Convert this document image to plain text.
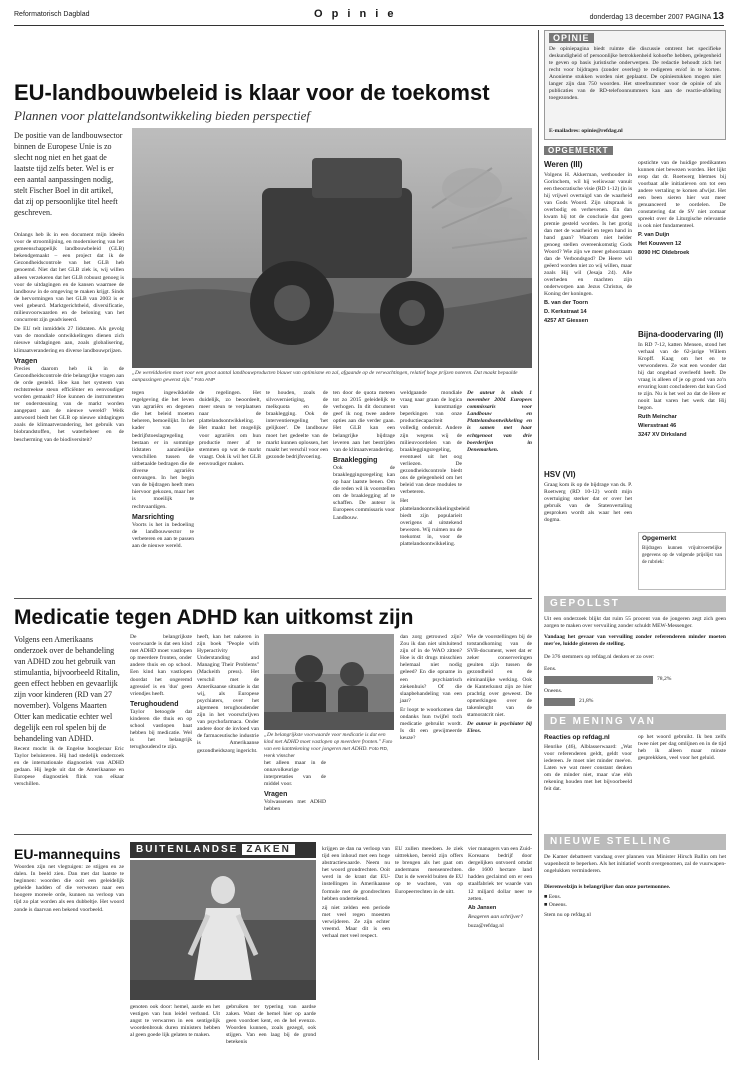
Reformatorisch Dagblad	O p i n i e	donderdag 13 december 2007 PAGINA 13
EU-landbouwbeleid is klaar voor de toekomst
Plannen voor plattelandsontwikkeling bieden perspectief
De positie van de landbouwsector binnen de Europese Unie is zo slecht nog niet en het gaat de laatste tijd zelfs beter. Wel is er een aantal aanpassingen nodig, stelt Fischer Boel in dit artikel, dat zij op persoonlijke titel heeft geschreven.

Onlangs heb ik in een document mijn ideeën voor de stroomlijning, en modernisering van het gemeenschappelijk landbouwbeleid (GLB) bekendgemaakt – een project dat ik de Gezondheidscontrole van het GLB heb genoemd. Niet dat het GLB ziek is, wij willen alleen verzekeren dat het GLB robuust genoeg is voor de uitdagingen en de kansen waarmee de landbouw in de omgeving te maken krijgt. Sinds de hervormingen van het GLB van 2003 is er veel gebeurd. Marktgerichtheid, diversificatie, milieuvoorwaarden en de beloning van het concurrent zijn geadviseerd.

De EU telt inmiddels 27 lidstaten. Als gevolg van de mondiale ontwikkelingen dienen zich nieuwe uitdagingen aan, zoals globalisering, klimaatverandering en diverse landbouwprijzen.

Vragen

Precies daarom heb ik in de Gezondheidscontrole drie belangrijke vragen aan de orde gesteld. Hoe kan het systeem van rechtstreekse steun efficiënter en eenvoudiger worden gemaakt? Hoe kunnen de instrumenten ter ondersteuning van de markt worden aangepast aan de nieuwe wereld? Welk antwoord biedt het GLB op nieuwe uitdagingen zoals de klimaatverandering, het gebruik van biobrandstoffen, het waterbeheer en de bescherming van de biodiversiteit?

„De werelddoelen moet voor een groot aantal landbouwproducten blauwt van optimisme en zal, afgaande op de verwachtingen, relatief hoge prijzen noteren. Dat maakt bepaalde aanpassingen gewenst zijn." Foto ANP

tegen ingewikkelde regelgeving die het leven van agrariërs en degenen die het beleid moeten beheren, bemoeilijkt. In het kader van de bedrijfstoeslagregeling bestaan er in sommige lidstaten aanzienlijke verschillen tussen de uitbetaalde bedragen die de diverse agrariërs ontvangen. In het begin van de bijdragen heeft men hiervoor gekozen, maar het is moeilijk te rechtvaardigen.

Marsrichting

Voorts is het in bedoeling de landbouwsector te verbeteren en aan te passen aan de nieuwe wereld.

de regelingen. Het duidelijk, zo beoordeelt, meer steun te verplaatsen naar de plattelandsontwikkeling. Het maakt het mogelijk voor agrariërs om hun productie meer af te stemmen op wat de markt vraagt. Ook ik wil het GLB eenvoudiger maken.

te houden, zoals de silvovernietiging, de melkquota en de braaklegging. Ook de interventieregeling 'het gelijkoer'. De landbouw moet het gedeelte van de markt kunnen oplossen, het maakt het verschil voor een gezonde bedrijfsvoering.

ten door de quota meteen tot zo 2015 geleidelijk te verhogen. In dit document geef ik nog twee andere opties aan die verder gaan. Het GLB kan een belangrijke bijdrage leveren aan het bestrijden van de klimaatverandering.

Braaklegging

Ook de braakleggingsregeling kan op haar laatste benen. Om die reden wil ik voorstellen om de braaklegging af te schaffen. De auteur is Europees commissaris voor Landbouw.

weldgaande mondiale vraag naar graan de logica van kunstmatige beperkingen van onze productiecapaciteit volledig onderuit. Andere zijn wegens wij de milieuvoordelen van de braakleggingsregeling, eventueel uit het oog verliezen. De gezondheidscontrole biedt ons de gelegenheid om het beleid van deze modules te verbeteren.

Het plattelandsontwikkelingsbeleid biedt zijn popularieit overigens al uitstekend bewezen. Wij ruimen nu de toekomst in, voor de plattelandsontwikkeling.

De auteur is sinds 1 november 2004 Europees commissaris voor Landbouw en Plattelandsontwikkeling en is samen met haar echtgenoot van drie boerderijen in Denemarken.

Medicatie tegen ADHD kan uitkomst zijn
Volgens een Amerikaans onderzoek over de behandeling van ADHD zou het gebruik van stimulantia, bijvoorbeeld Ritalin, geen effect hebben en gevaarlijk zijn voor kinderen (RD van 27 november). Volgens Maarten Otter kan medicatie echter wel degelijk een rol spelen bij de behandeling van ADHD.

Recent mocht ik de Engelse hoogleraar Eric Taylor beluisteren. Hij had stedelijk onderzoek en de internationale diagnostiek van ADHD gedaan. Hij legde uit dat de Amerikaanse en Europese diagnostiek flink van elkaar verschillen.

De belangrijkste voorwaarde is dat een kind met ADHD moet vastlopen op meerdere fronten, onder andere thuis en op school. Een kind kan vastlopen doordat het ongeremd agressief is en 'dus' geen vriendjes heeft.

Terughoudend

Taylor betoogde dat kinderen die thuis en op school vastlopen baat hebben bij medicatie. Wel is het belangrijk terughoudend te zijn.

heeft, kan het nakeren in zijn boek "People with Hyperactivity Understanding and Managing Their Problems" (Mackeith press). Het verschil met de Amerikaanse situatie is dat wij, als Europese psychiaters, over het algemeen terughoudender zijn in het voorschrijven van psychofarmaca. Onder andere door de invloed van de farmaceutische industrie is Amerikaanse gezondheidszorg ingericht.

„De belangrijkste voorwaarde voor medicatie is dat een kind met ADHD moet vastlopen op meerdere fronten." Foto van een kanttekening voor jongeren met ADHD. Foto RD, Henk Visscher

het alleen maar in de onnavolkeurige interpretaties van de middel voor.

Vragen

Volwassenen met ADHD hebben

dan zorg getrouwd zijn? Zou ik dan niet uitsluitend zijn of in de WAO zitten? Hoe is dit drugs misschien helemaal niet nodig geleed? En die opname in een psychiatrisch ziekenhuis? Of die slaapbehandeling van een jaar?

Er loopt te woorkomen dat ondanks hun twijfel toch medicatie gebruikt wordt. Is dit een gewijmeerde keuze?

Wie de voorstellingen bij de totstandkoming van de SVB-document, weet dat er zeker conserveringen geuiten zijn tussen de gezondheid en de eiminanlijke werking. Ook de Kanterkunst zijn ze hier prachtig over geweest. De opmerkingen over de takenlenght van de stamoratcrit niet.

De auteur is psychiater bij Eleos.

EU-mannequins	BUITENLANDSE ZAKEN

Woorden zijn net vlegtuigen: ze stijgen en ze dalen. In beeld zien. Dan met dat laatste te beginnen: woorden die ooit een geleidelijk gehelde hadden of die verwezen naar een hoogere moreele orde, kunnen na verloop van tijd zo plat worden als een dubbeltje. Het woord zonde is daarvan een bekend voorbeeld.

genoten ook door: hemel, aarde en het vestigen van hun leidel verband. Uit angst te verwarren in een sentigelijk woordenbrouk duren ministers hebben al geen goede lijk gelaten te maken.

gebruiken ter typering van aardse zaken. Want de hemel hier op aarde geen voordoet kent, en de hel evenzo. Woorden kunnen, zoals gezegd, ook stijgen. Van een laag bij de grond betekenis

krijgen ze dan na verloop van tijd een inhoud met een hoge abstractiewaarde. Neem nu het woord grondrechten. Ooit werd in de krant dat EU-instellingen in Amerikaanse formule met de grondrechten hebben ondertekend.

zij niet zelden een periode met veel regen moesten verwijderen. Ze zijn echter vreemd. Maar dit is een verhaal met veel respect.

EU zullen meedoen. Je ziek uittrekken, bereid zijn offers te brengen als het gaat om andermans mensenrechten. Dat is de wereld buiten de EU op te wachten, van op Europeerrechten in de uitt.

vier managers van een Zuid-Koreaans bedrijf door dergelijken ontvoerd omdat die 1600 hectare land hadden geclaimd om er een staalfabriek ter waarde van 12 miljard dollar neer te zetten.

Ab Jansen

Reageren aan schrijver?

buza@refdag.nl

OPINIE
De opiniepagina biedt ruimte die discussie omtrent het specifieke deskundigheid of persoonlijke betrokkenheid kohoefte hebben, gelegenheid te geven op basis juristische onderwerpen. De redactie behoudt zich het recht voor bijdragen (zonder overleg) te redigeren en/of in te korten. Anonieme stukken worden niet geplaatst. De opiniestukken mogen niet langer zijn dan 750 woorden. Het streefnummer voor de opinie of als publicaties van de RD-telefoonnummers kan aan de reactie-afdeling toegezonden.
E-mailadres: opinie@refdag.nl
OPGEMERKT
Weren (III)

Volgens H. Akkerman, wethouder in Gorinchem, wil hij weliswaar vanuit een theocratische visie (RD 1-12) (in is hij vrijwel overtuigd van de waarheid van Gods Woord. Zijn uitspraak is overbodig en verhevenen. En dan kwam hij tot de conclusie dat geen premie gesteld worden. Is het grotig dan met de waarheid en tegen hand in hand gaan? Waarom niet helder genoeg stellen overeenkomstig Gods Woord? Wie zijn we meer gehoorzaam dan de Verbondsgod? De Heere wil geëerd worden niet zo wij willen, maar zoals Hij wil (Jesaja 24). Alle overheden en machten zijn onderworpen aan Jezus Christus, de Koning der koningen.

B. van der Toorn

D. Kerkstraat 14

4257 AT Giessen

HSV (VI)
Graag kom ik op de bijdrage van ds. P. Roetwerg (RD 10-12) wordt mijn overtuiging sterker dat er over het gebruik van de Statenvertaling gesproken wordt als waar het een dogma.

opstichte van de huidige predikanten kunnen niet bewezen worden. Het lijkt erop dat dr. Roetwerg bletmes bij voorbaat alle initiatieven om tot een andere vertaling te komen afwijst. Het een been sieren hier wat meer genuanceerd te oordelen. De constatering dat de SV niet zomaar spreekt over de Liturgische relevantie is ook niet fundamenteel.

P. van Duijn

Het Kouwven 12

8090 HC Oldebroek

Bijna-doodervaring (II)

In RD 7-12, katten Mensen, stond het verhaal van de 62-jarige Willem Kropff. Kaag om het en te verwonderen. Ze wat een wonder dat hij dat ongehad overleefd heeft. De vraag is alleen of je op grond van zo'n ervaring kunt concluderen dat kun God te zijn. Nu is het wel zo dat de Here er nooit laat varen het werk dat Hij begon.

Ruth Meinchar

Wiersstraat 46

3247 XV Dirksland

Opgemerkt
Bijdragen kunnen vrijuitvoertelijke gegevens op de volgende prijslijst van de rubriek:
GEPOLLST
Uit een onderzoek blijkt dat ruim 55 procent van de jongeren zegt zich geen zorgen te maken over vervuiling zonder schuldt MEW-Messenger.
Vandaag het gevaar van vervuiling zonder referenderen minder moeten mer'ee, luidde gisteren de stelling.
De 376 stemmers op refdag.nl denken er zo over:
Eens.
78,2%
Oneens.
21,8%
DE MENING VAN
Reacties op refdag.nl
Henrike (46), Alblasserwaard: „Wat voor referenderen geldt, geldt voor iedereen. Je moet niet minder mee'en. Laten we wat meer constant denken om de minder niet, maar u'ae ehh rekening houden met het bijvoorbeeld feit dat.
op het woord gebruikt. Ik ben zelfs twee niet per dag omlijnen en in de tijd heb ik alleen maar minste gesprekkken, veel voor het geluid.
NIEUWE STELLING
De Kamer debatteert vandaag over plannen van Minister Hirsch Ballin om het wapenbezit te beperken. Als het initiatief wordt overgenomen, zal de vuurwapen-ongelukken verminderen.
Dierenwelzijn is belangrijker dan onze portemonnee.
■ Eens.
■ Oneens.
Stem nu op refdag.nl
